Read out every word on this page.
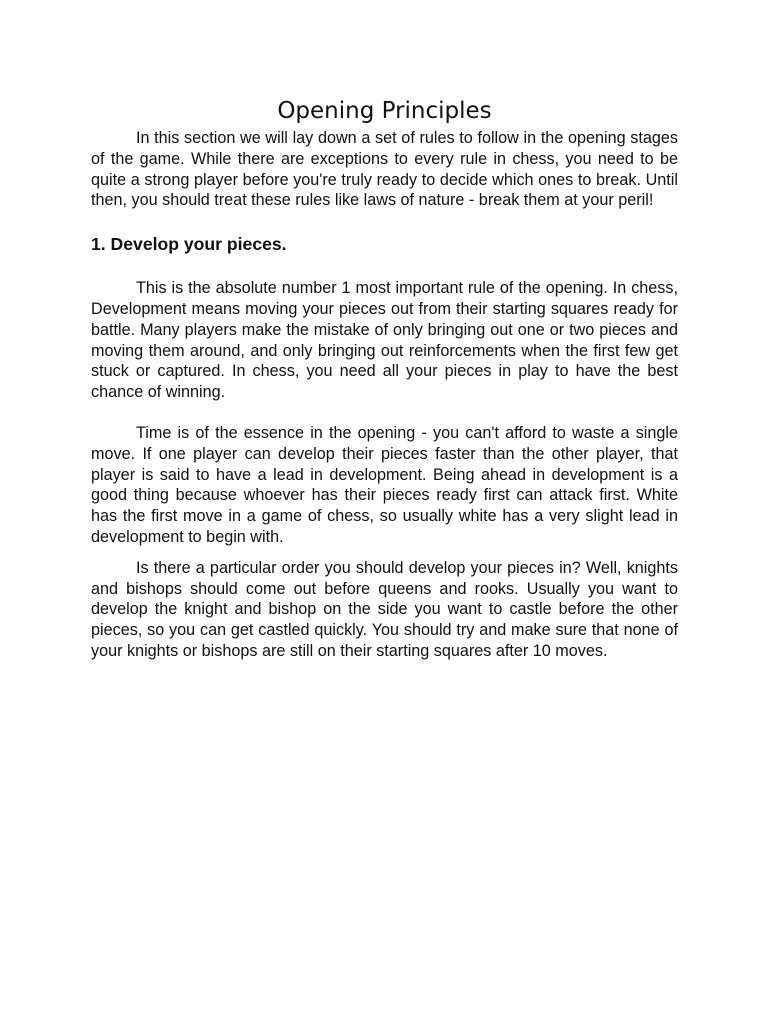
Opening Principles

In this section we will lay down a set of rules to follow in the opening stages of the game. While there are exceptions to every rule in chess, you need to be quite a strong player before you're truly ready to decide which ones to break. Until then, you should treat these rules like laws of nature - break them at your peril!

1. Develop your pieces.

This is the absolute number 1 most important rule of the opening. In chess, Development means moving your pieces out from their starting squares ready for battle. Many players make the mistake of only bringing out one or two pieces and moving them around, and only bringing out reinforcements when the first few get stuck or captured. In chess, you need all your pieces in play to have the best chance of winning.

Time is of the essence in the opening - you can't afford to waste a single move. If one player can develop their pieces faster than the other player, that player is said to have a lead in development. Being ahead in development is a good thing because whoever has their pieces ready first can attack first. White has the first move in a game of chess, so usually white has a very slight lead in development to begin with.

Is there a particular order you should develop your pieces in? Well, knights and bishops should come out before queens and rooks. Usually you want to develop the knight and bishop on the side you want to castle before the other pieces, so you can get castled quickly. You should try and make sure that none of your knights or bishops are still on their starting squares after 10 moves.
